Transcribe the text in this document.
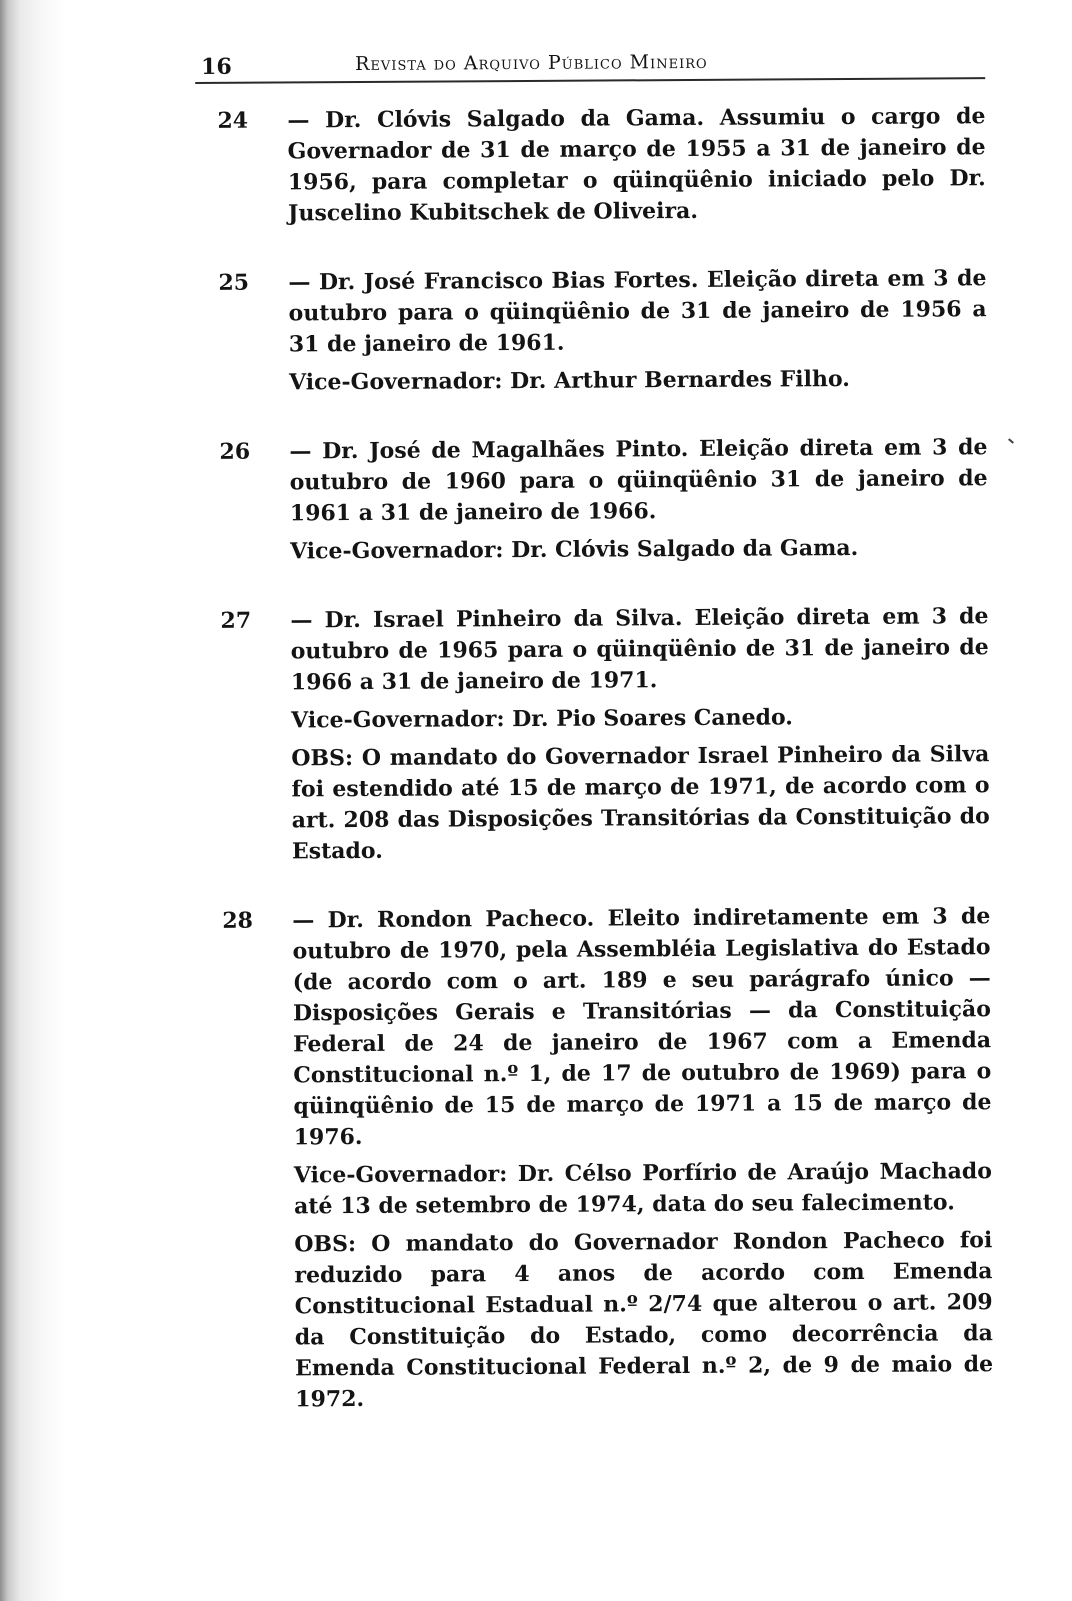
16	Revista do Arquivo Público Mineiro
24 — Dr. Clóvis Salgado da Gama. Assumiu o cargo de Governador de 31 de março de 1955 a 31 de janeiro de 1956, para completar o qüinqüênio iniciado pelo Dr. Juscelino Kubitschek de Oliveira.

25 — Dr. José Francisco Bias Fortes. Eleição direta em 3 de outubro para o qüinqüênio de 31 de janeiro de 1956 a 31 de janeiro de 1961.

Vice-Governador: Dr. Arthur Bernardes Filho.

26 — Dr. José de Magalhães Pinto. Eleição direta em 3 de outubro de 1960 para o qüinqüênio 31 de janeiro de 1961 a 31 de janeiro de 1966.

Vice-Governador: Dr. Clóvis Salgado da Gama.

27 — Dr. Israel Pinheiro da Silva. Eleição direta em 3 de outubro de 1965 para o qüinqüênio de 31 de janeiro de 1966 a 31 de janeiro de 1971.

Vice-Governador: Dr. Pio Soares Canedo.

OBS: O mandato do Governador Israel Pinheiro da Silva foi estendido até 15 de março de 1971, de acordo com o art. 208 das Disposições Transitórias da Constituição do Estado.

28 — Dr. Rondon Pacheco. Eleito indiretamente em 3 de outubro de 1970, pela Assembléia Legislativa do Estado (de acordo com o art. 189 e seu parágrafo único — Disposições Gerais e Transitórias — da Constituição Federal de 24 de janeiro de 1967 com a Emenda Constitucional n.º 1, de 17 de outubro de 1969) para o qüinqüênio de 15 de março de 1971 a 15 de março de 1976.

Vice-Governador: Dr. Célso Porfírio de Araújo Machado até 13 de setembro de 1974, data do seu falecimento.

OBS: O mandato do Governador Rondon Pacheco foi reduzido para 4 anos de acordo com Emenda Constitucional Estadual n.º 2/74 que alterou o art. 209 da Constituição do Estado, como decorrência da Emenda Constitucional Federal n.º 2, de 9 de maio de 1972.
